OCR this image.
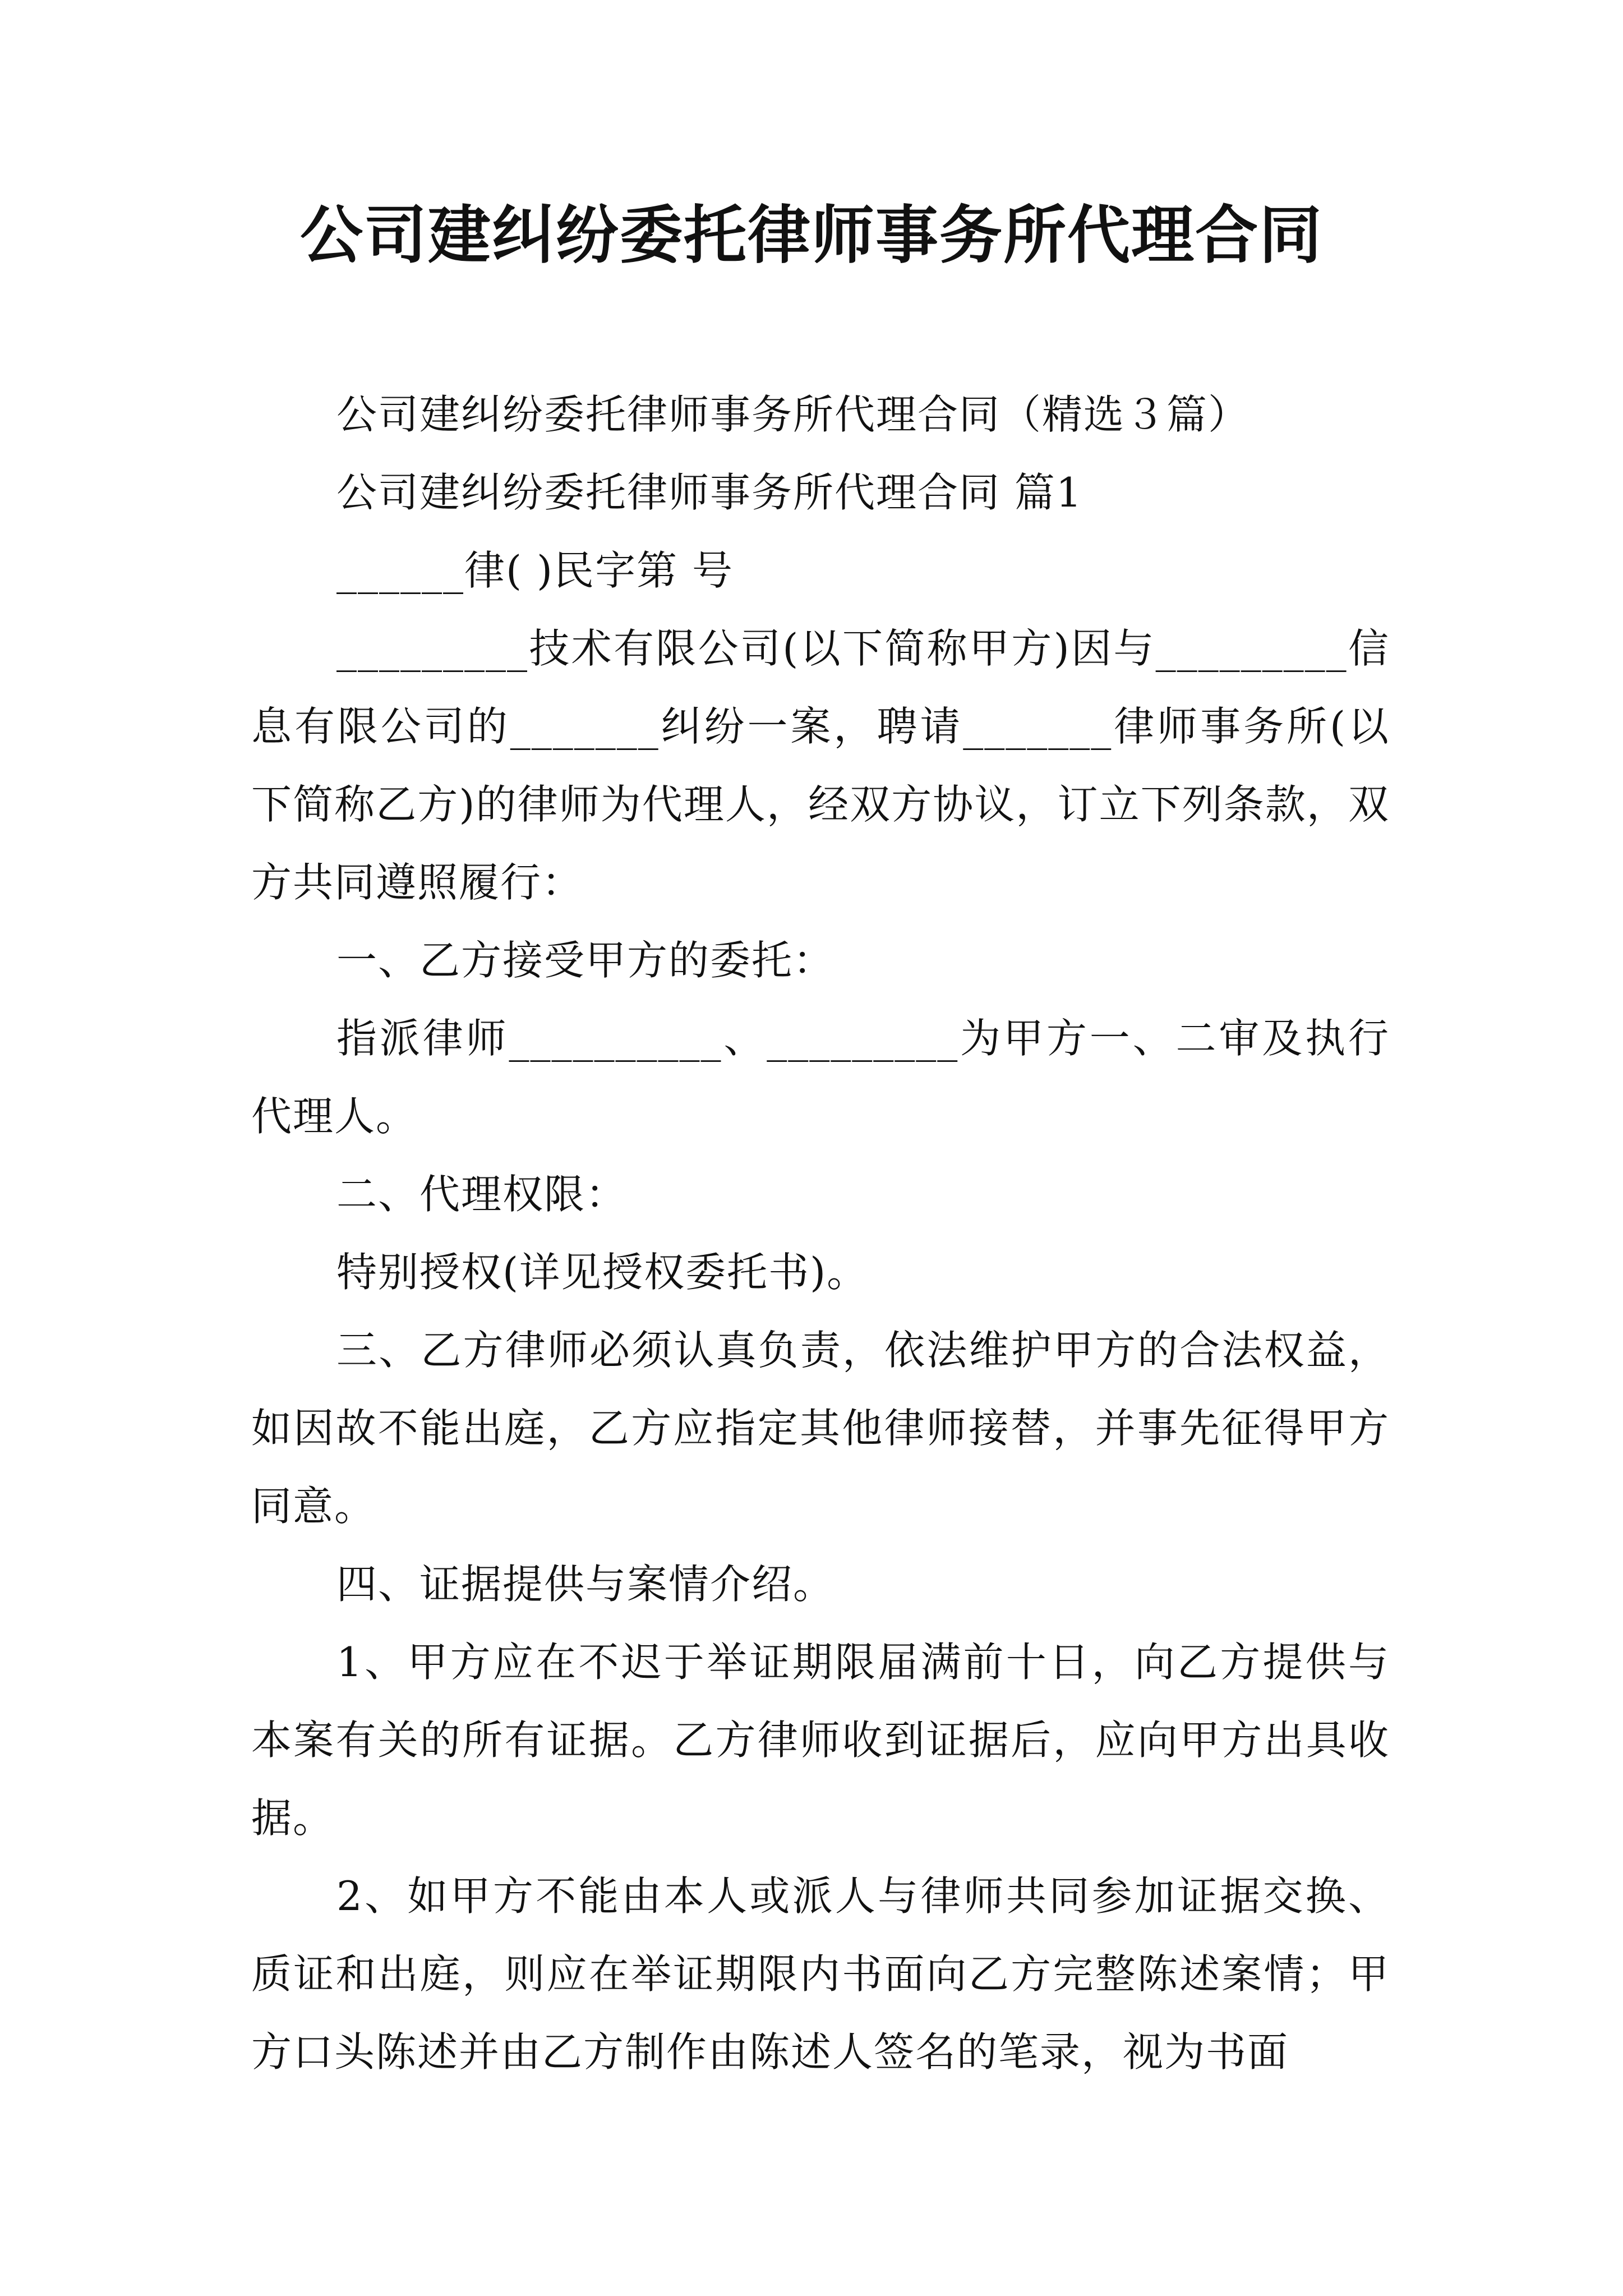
公司建纠纷委托律师事务所代理合同

公司建纠纷委托律师事务所代理合同（精选３篇）

公司建纠纷委托律师事务所代理合同 篇1

______律( )民字第 号

_________技术有限公司(以下简称甲方)因与_________信息有限公司的_______纠纷一案，聘请_______律师事务所(以下简称乙方)的律师为代理人，经双方协议，订立下列条款，双方共同遵照履行：

一、乙方接受甲方的委托：

指派律师__________、_________为甲方一、二审及执行代理人。

二、代理权限：

特别授权(详见授权委托书)。

三、乙方律师必须认真负责，依法维护甲方的合法权益，如因故不能出庭，乙方应指定其他律师接替，并事先征得甲方同意。

四、证据提供与案情介绍。

1、甲方应在不迟于举证期限届满前十日，向乙方提供与本案有关的所有证据。乙方律师收到证据后，应向甲方出具收据。

2、如甲方不能由本人或派人与律师共同参加证据交换、质证和出庭，则应在举证期限内书面向乙方完整陈述案情；甲方口头陈述并由乙方制作由陈述人签名的笔录，视为书面
